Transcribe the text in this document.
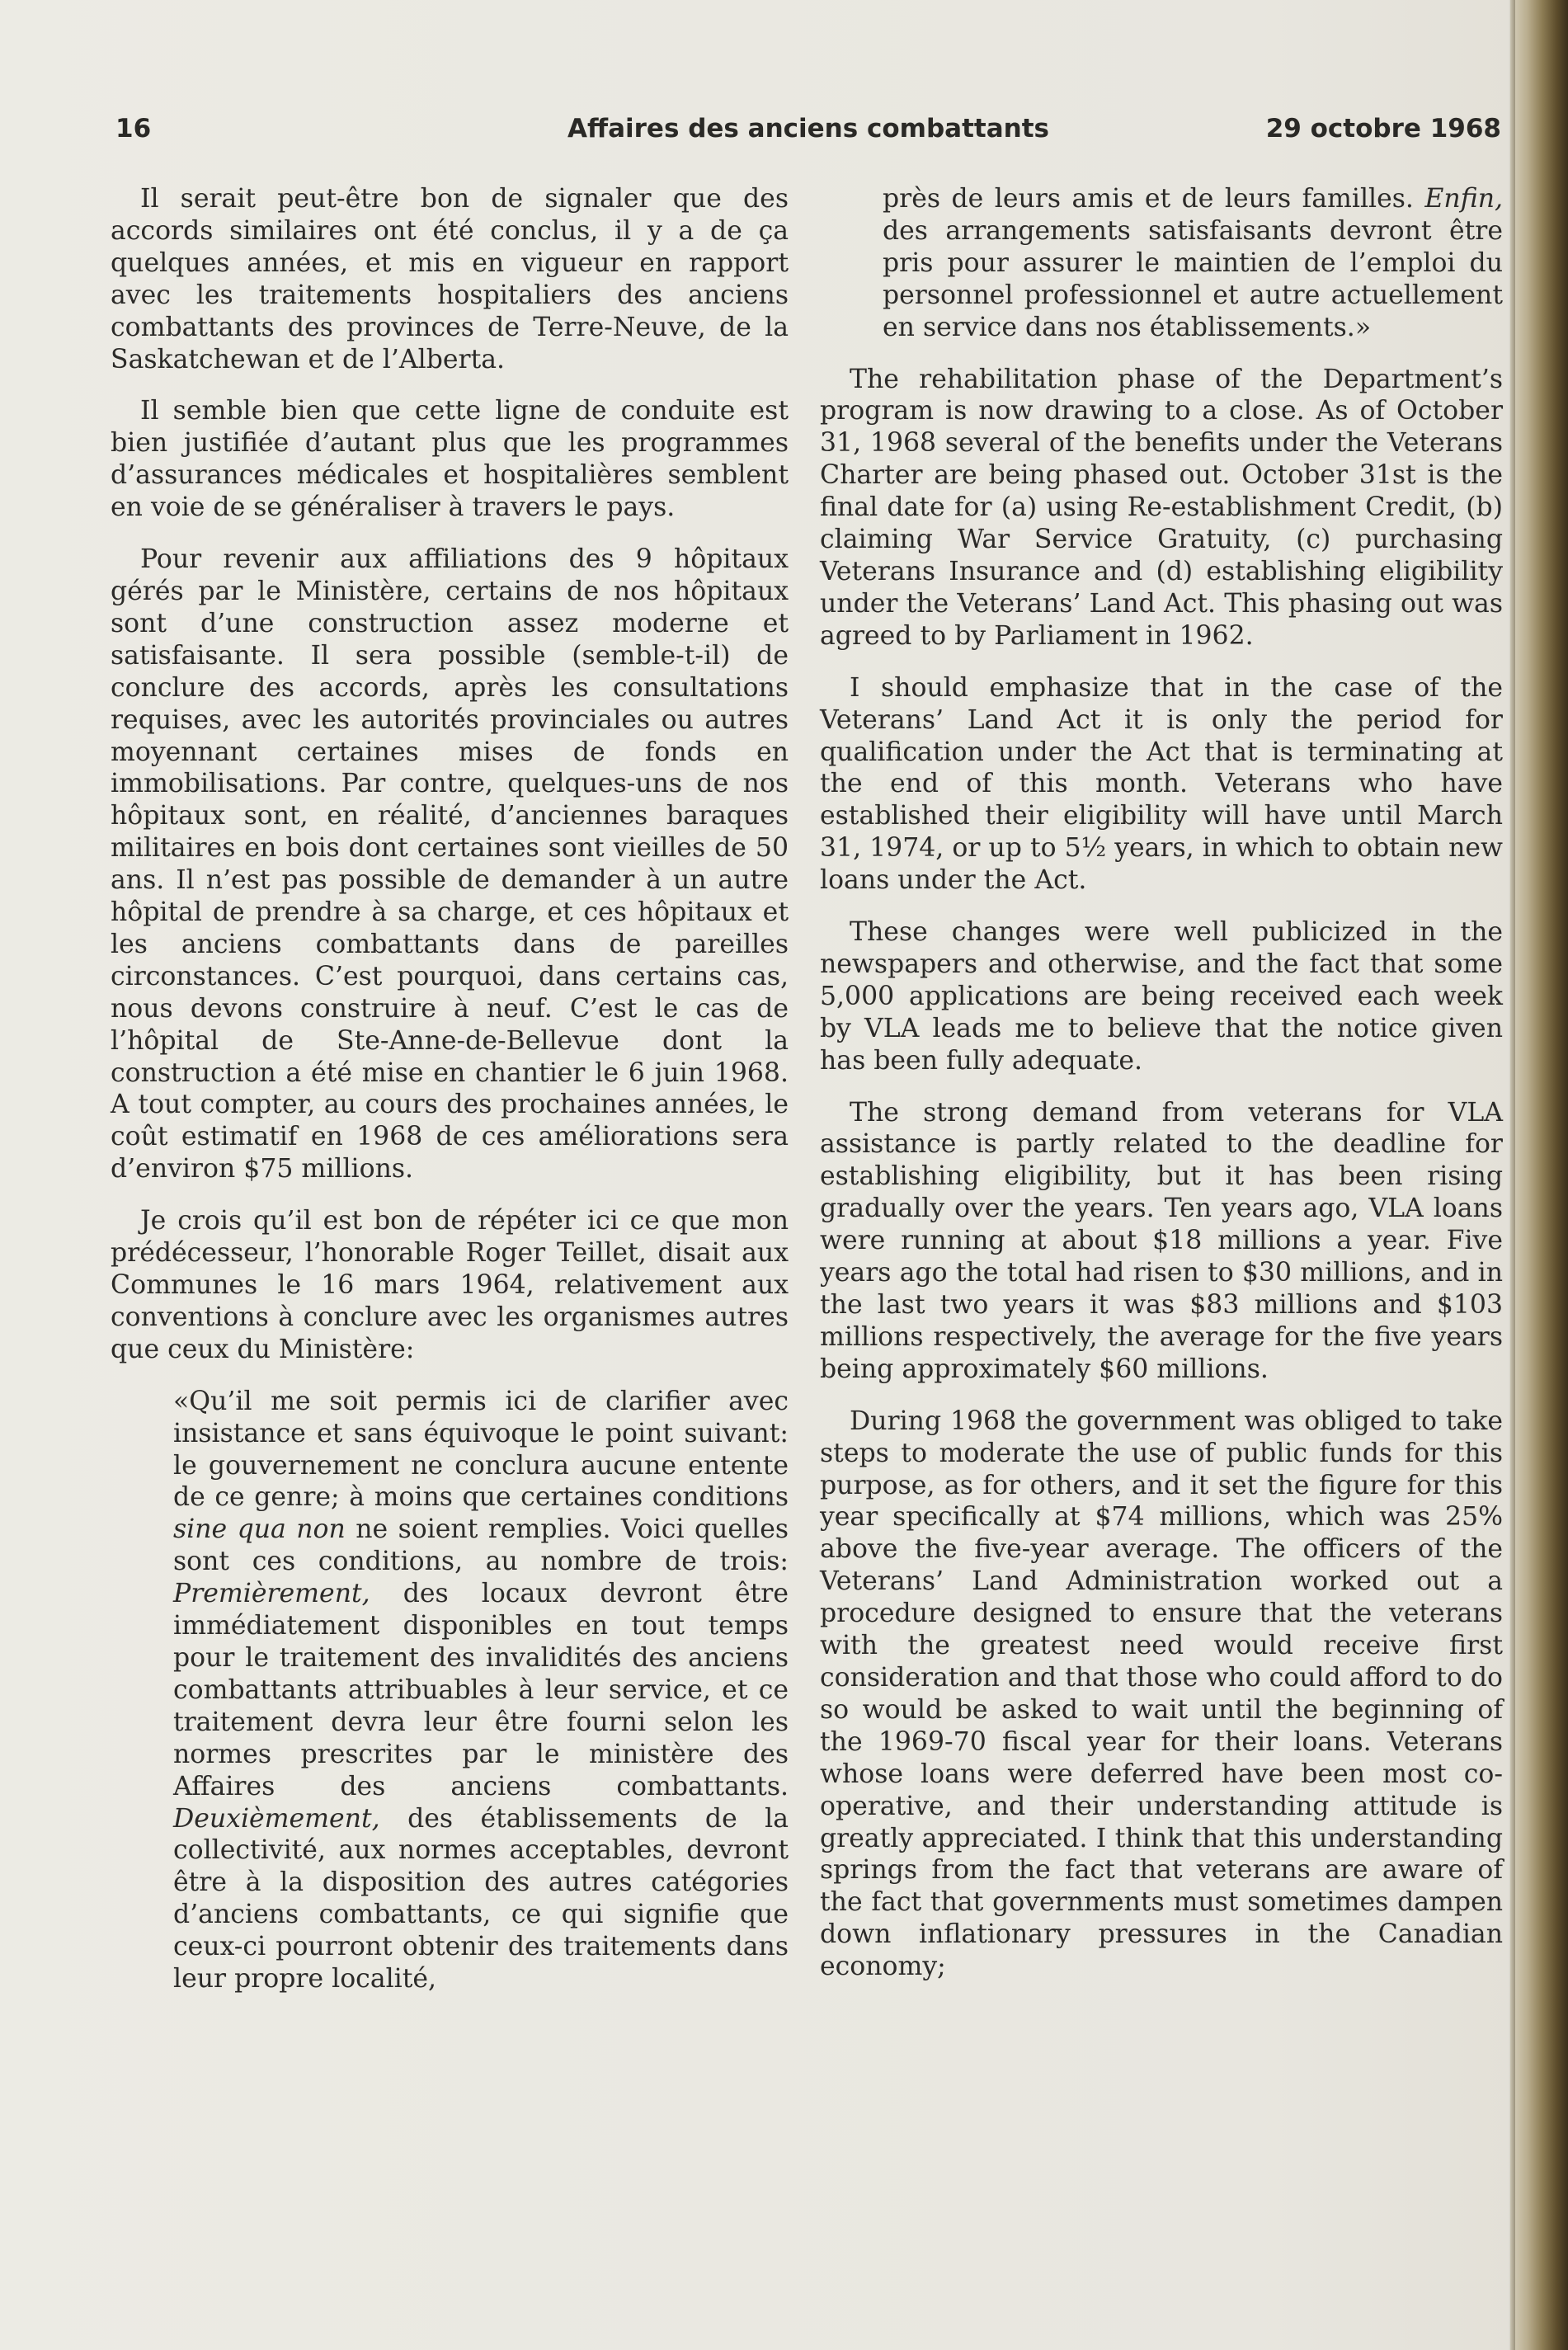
16	Affaires des anciens combattants	29 octobre 1968

Il serait peut-être bon de signaler que des accords similaires ont été conclus, il y a de ça quelques années, et mis en vigueur en rapport avec les traitements hospitaliers des anciens combattants des provinces de Terre-Neuve, de la Saskatchewan et de l’Alberta.

Il semble bien que cette ligne de conduite est bien justifiée d’autant plus que les programmes d’assurances médicales et hospitalières semblent en voie de se généraliser à travers le pays.

Pour revenir aux affiliations des 9 hôpitaux gérés par le Ministère, certains de nos hôpitaux sont d’une construction assez moderne et satisfaisante. Il sera possible (semble-t-il) de conclure des accords, après les consultations requises, avec les autorités provinciales ou autres moyennant certaines mises de fonds en immobilisations. Par contre, quelques-uns de nos hôpitaux sont, en réalité, d’anciennes baraques militaires en bois dont certaines sont vieilles de 50 ans. Il n’est pas possible de demander à un autre hôpital de prendre à sa charge, et ces hôpitaux et les anciens combattants dans de pareilles circonstances. C’est pourquoi, dans certains cas, nous devons construire à neuf. C’est le cas de l’hôpital de Ste-Anne-de-Bellevue dont la construction a été mise en chantier le 6 juin 1968. A tout compter, au cours des prochaines années, le coût estimatif en 1968 de ces améliorations sera d’environ $75 millions.

Je crois qu’il est bon de répéter ici ce que mon prédécesseur, l’honorable Roger Teillet, disait aux Communes le 16 mars 1964, relativement aux conventions à conclure avec les organismes autres que ceux du Ministère:

«Qu’il me soit permis ici de clarifier avec insistance et sans équivoque le point suivant: le gouvernement ne conclura aucune entente de ce genre; à moins que certaines conditions sine qua non ne soient remplies. Voici quelles sont ces conditions, au nombre de trois: Premièrement, des locaux devront être immédiatement disponibles en tout temps pour le traitement des invalidités des anciens combattants attribuables à leur service, et ce traitement devra leur être fourni selon les normes prescrites par le ministère des Affaires des anciens combattants. Deuxièmement, des établissements de la collectivité, aux normes acceptables, devront être à la disposition des autres catégories d’anciens combattants, ce qui signifie que ceux-ci pourront obtenir des traitements dans leur propre localité,

près de leurs amis et de leurs familles. Enfin, des arrangements satisfaisants devront être pris pour assurer le maintien de l’emploi du personnel professionnel et autre actuellement en service dans nos établissements.»

The rehabilitation phase of the Department’s program is now drawing to a close. As of October 31, 1968 several of the benefits under the Veterans Charter are being phased out. October 31st is the final date for (a) using Re-establishment Credit, (b) claiming War Service Gratuity, (c) purchasing Veterans Insurance and (d) establishing eligibility under the Veterans’ Land Act. This phasing out was agreed to by Parliament in 1962.

I should emphasize that in the case of the Veterans’ Land Act it is only the period for qualification under the Act that is terminating at the end of this month. Veterans who have established their eligibility will have until March 31, 1974, or up to 5½ years, in which to obtain new loans under the Act.

These changes were well publicized in the newspapers and otherwise, and the fact that some 5,000 applications are being received each week by VLA leads me to believe that the notice given has been fully adequate.

The strong demand from veterans for VLA assistance is partly related to the deadline for establishing eligibility, but it has been rising gradually over the years. Ten years ago, VLA loans were running at about $18 millions a year. Five years ago the total had risen to $30 millions, and in the last two years it was $83 millions and $103 millions respectively, the average for the five years being approximately $60 millions.

During 1968 the government was obliged to take steps to moderate the use of public funds for this purpose, as for others, and it set the figure for this year specifically at $74 millions, which was 25% above the five-year average. The officers of the Veterans’ Land Administration worked out a procedure designed to ensure that the veterans with the greatest need would receive first consideration and that those who could afford to do so would be asked to wait until the beginning of the 1969-70 fiscal year for their loans. Veterans whose loans were deferred have been most co-operative, and their understanding attitude is greatly appreciated. I think that this understanding springs from the fact that veterans are aware of the fact that governments must sometimes dampen down inflationary pressures in the Canadian economy;
